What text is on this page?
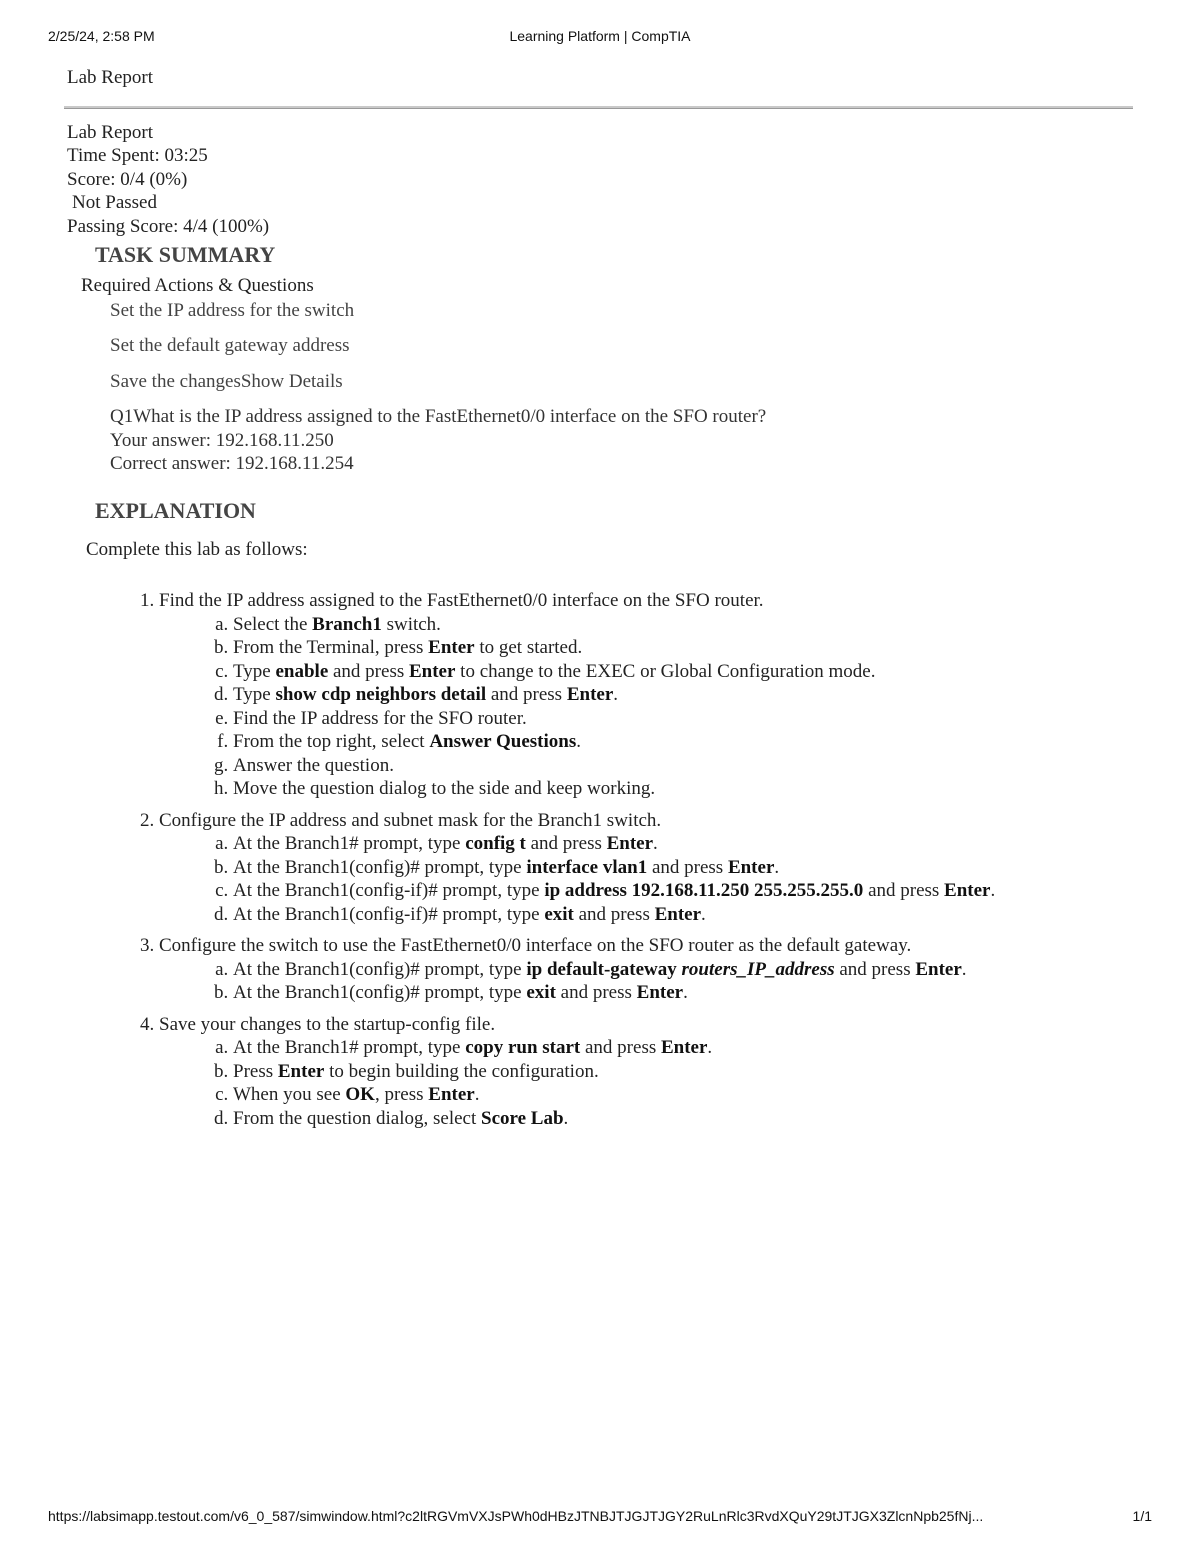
2/25/24, 2:58 PM	Learning Platform | CompTIA
Lab Report
Lab Report
Time Spent: 03:25
Score: 0/4 (0%)
Not Passed
Passing Score: 4/4 (100%)
TASK SUMMARY
Required Actions & Questions
Set the IP address for the switch
Set the default gateway address
Save the changesShow Details
Q1What is the IP address assigned to the FastEthernet0/0 interface on the SFO router?
Your answer: 192.168.11.250
Correct answer: 192.168.11.254
EXPLANATION
Complete this lab as follows:
1. Find the IP address assigned to the FastEthernet0/0 interface on the SFO router.
a. Select the Branch1 switch.
b. From the Terminal, press Enter to get started.
c. Type enable and press Enter to change to the EXEC or Global Configuration mode.
d. Type show cdp neighbors detail and press Enter.
e. Find the IP address for the SFO router.
f. From the top right, select Answer Questions.
g. Answer the question.
h. Move the question dialog to the side and keep working.
2. Configure the IP address and subnet mask for the Branch1 switch.
a. At the Branch1# prompt, type config t and press Enter.
b. At the Branch1(config)# prompt, type interface vlan1 and press Enter.
c. At the Branch1(config-if)# prompt, type ip address 192.168.11.250 255.255.255.0 and press Enter.
d. At the Branch1(config-if)# prompt, type exit and press Enter.
3. Configure the switch to use the FastEthernet0/0 interface on the SFO router as the default gateway.
a. At the Branch1(config)# prompt, type ip default-gateway routers_IP_address and press Enter.
b. At the Branch1(config)# prompt, type exit and press Enter.
4. Save your changes to the startup-config file.
a. At the Branch1# prompt, type copy run start and press Enter.
b. Press Enter to begin building the configuration.
c. When you see OK, press Enter.
d. From the question dialog, select Score Lab.
https://labsimapp.testout.com/v6_0_587/simwindow.html?c2ltRGVmVXJsPWh0dHBzJTNBJTJGJTJGY2RuLnRlc3RvdXQuY29tJTJGX3ZlcnNpb25fNj...	1/1
